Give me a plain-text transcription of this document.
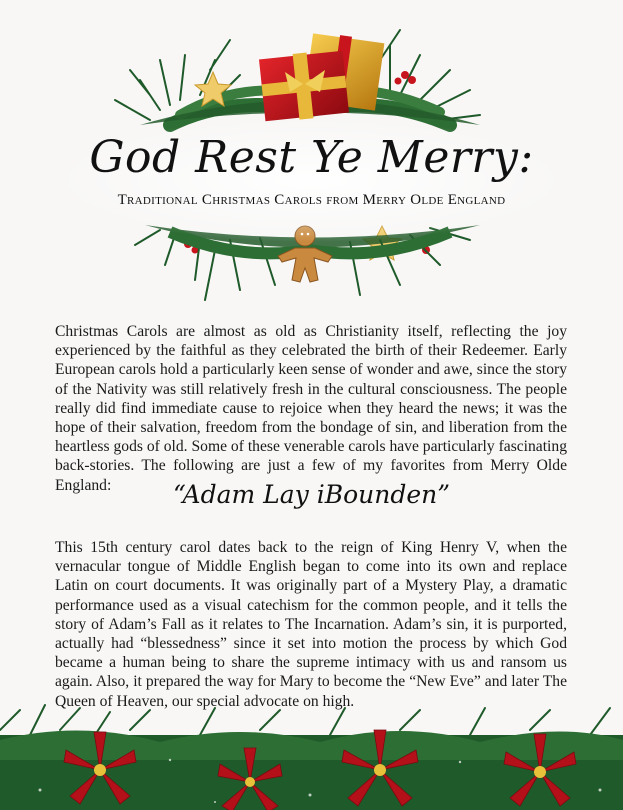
God Rest Ye Merry:
Traditional Christmas Carols from Merry Olde England

Christmas Carols are almost as old as Christianity itself, reflecting the joy experienced by the faithful as they celebrated the birth of their Redeemer. Early European carols hold a particularly keen sense of wonder and awe, since the story of the Nativity was still relatively fresh in the cultural consciousness. The people really did find immediate cause to rejoice when they heard the news; it was the hope of their salvation, freedom from the bondage of sin, and liberation from the heartless gods of old. Some of these venerable carols have particularly fascinating back-stories. The following are just a few of my favorites from Merry Olde England:	“Adam Lay iBounden”

This 15th century carol dates back to the reign of King Henry V, when the vernacular tongue of Middle English began to come into its own and replace Latin on court documents. It was originally part of a Mystery Play, a dramatic performance used as a visual catechism for the common people, and it tells the story of Adam’s Fall as it relates to The Incarnation. Adam’s sin, it is purported, actually had “blessedness” since it set into motion the process by which God became a human being to share the supreme intimacy with us and ransom us again. Also, it prepared the way for Mary to become the “New Eve” and later The Queen of Heaven, our special advocate on high.
